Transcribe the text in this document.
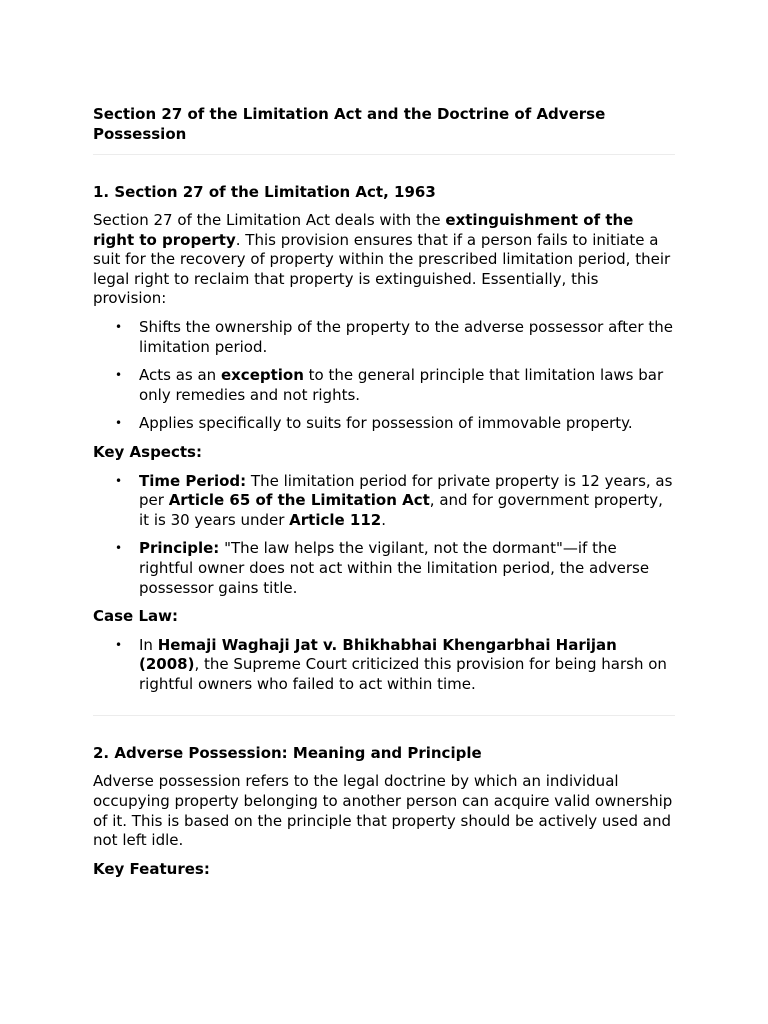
Section 27 of the Limitation Act and the Doctrine of Adverse Possession
1. Section 27 of the Limitation Act, 1963

Section 27 of the Limitation Act deals with the extinguishment of the right to property. This provision ensures that if a person fails to initiate a suit for the recovery of property within the prescribed limitation period, their legal right to reclaim that property is extinguished. Essentially, this provision:

• Shifts the ownership of the property to the adverse possessor after the limitation period.
• Acts as an exception to the general principle that limitation laws bar only remedies and not rights.
• Applies specifically to suits for possession of immovable property.
Key Aspects:
• Time Period: The limitation period for private property is 12 years, as per Article 65 of the Limitation Act, and for government property, it is 30 years under Article 112.
• Principle: "The law helps the vigilant, not the dormant"—if the rightful owner does not act within the limitation period, the adverse possessor gains title.
Case Law:
• In Hemaji Waghaji Jat v. Bhikhabhai Khengarbhai Harijan (2008), the Supreme Court criticized this provision for being harsh on rightful owners who failed to act within time.
2. Adverse Possession: Meaning and Principle

Adverse possession refers to the legal doctrine by which an individual occupying property belonging to another person can acquire valid ownership of it. This is based on the principle that property should be actively used and not left idle.

Key Features:
